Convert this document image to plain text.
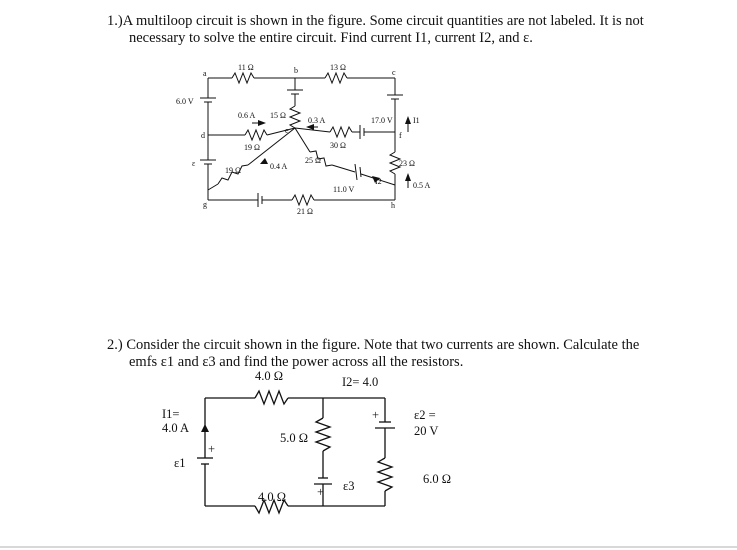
1.)A multiloop circuit is shown in the figure. Some circuit quantities are not labeled. It is not
necessary to solve the entire circuit. Find current I1, current I2, and ε.

a	b	c
d
e
f
g	h
ε
11 Ω	13 Ω
6.0 V
0.6 A 15 Ω
0.3 A	17.0 V	I1
19 Ω	30 Ω
19 Ω	0.4 A
25 Ω
11.0 V
I2
23 Ω
0.5 A
21 Ω

2.) Consider the circuit shown in the figure. Note that two currents are shown. Calculate the
emfs ε1 and ε3 and find the power across all the resistors.

4.0 Ω	I2= 4.0
I1=
4.0 A
ε1
+
5.0 Ω
+	ε2 =
20 V
+ ε3
4.0 Ω
6.0 Ω
